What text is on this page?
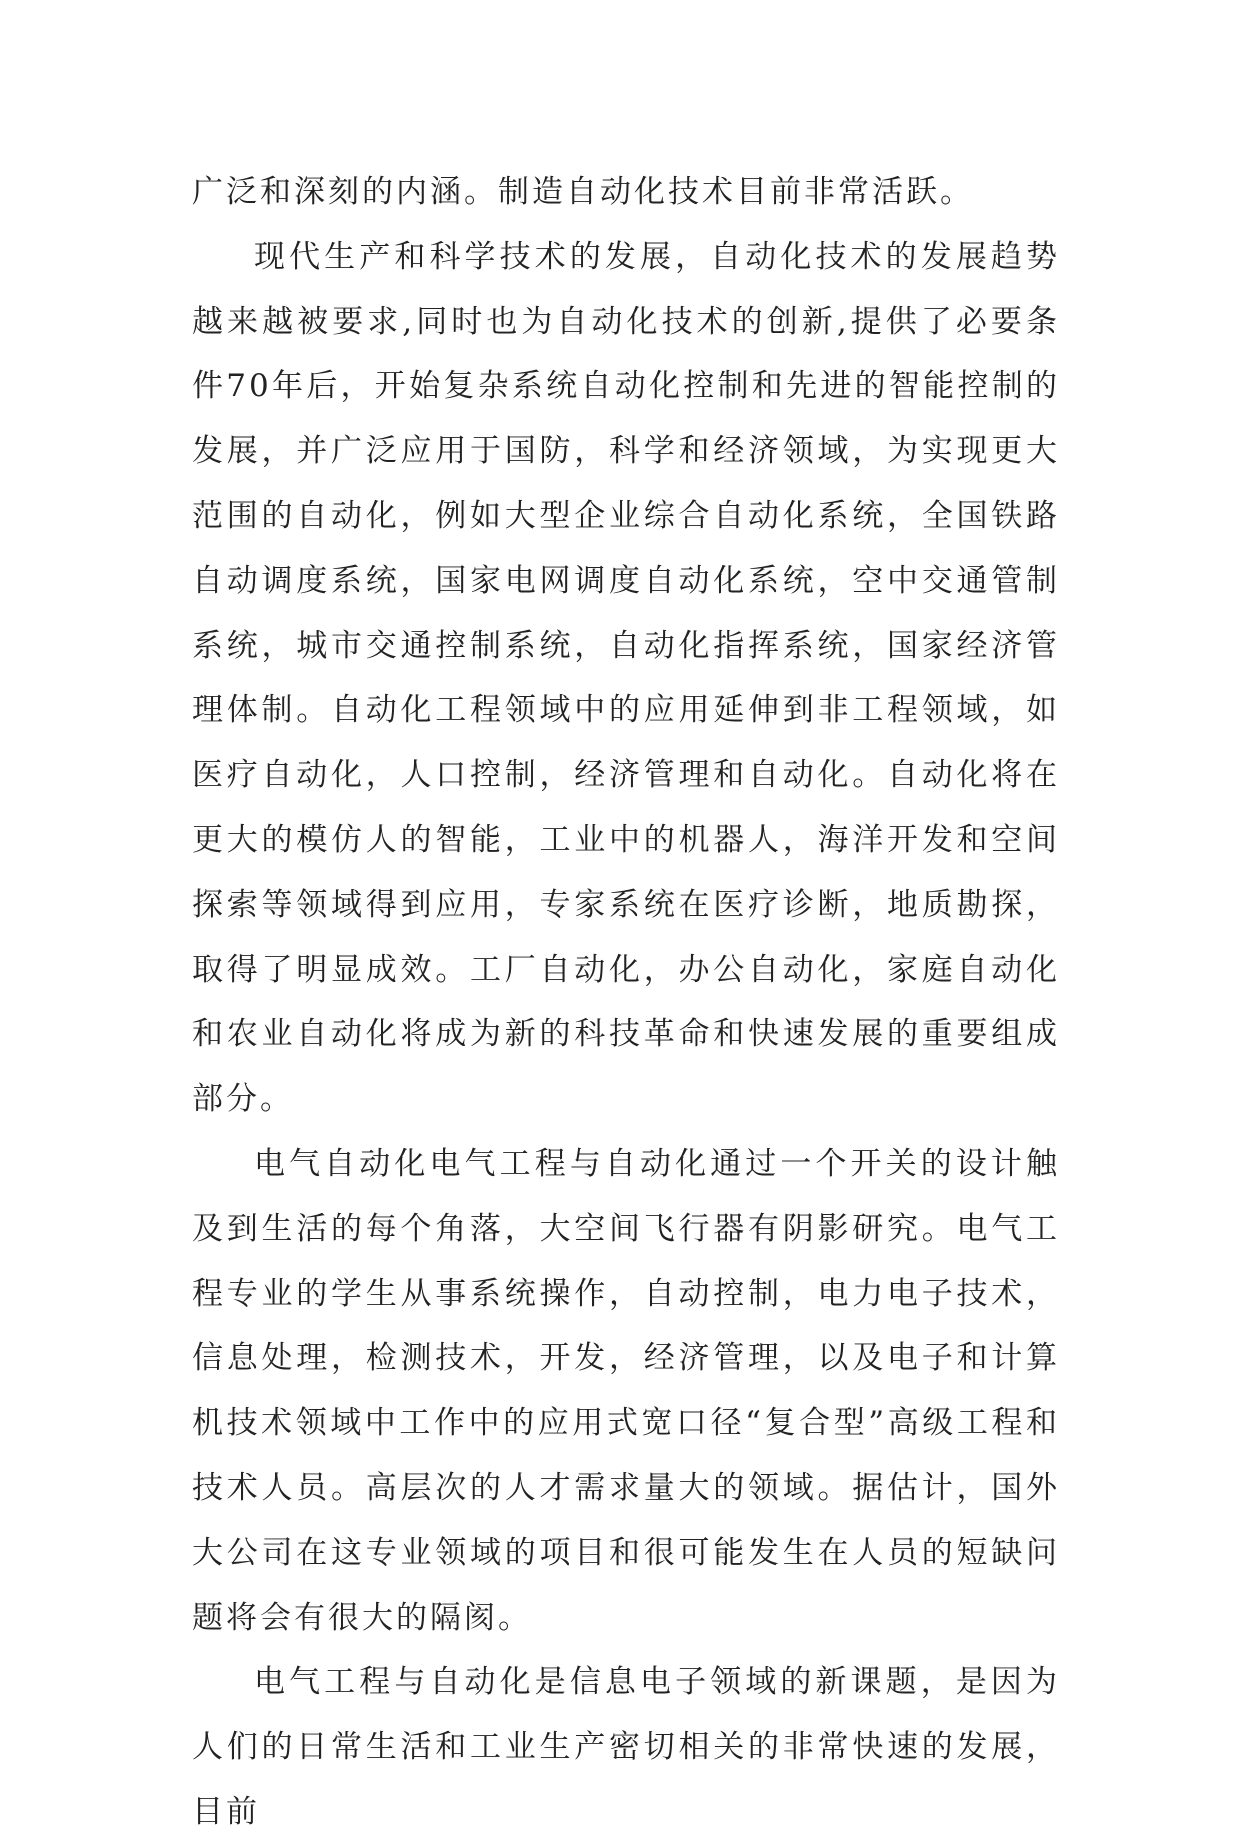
广泛和深刻的内涵。制造自动化技术目前非常活跃。

现代生产和科学技术的发展，自动化技术的发展趋势越来越被要求,同时也为自动化技术的创新,提供了必要条件70年后，开始复杂系统自动化控制和先进的智能控制的发展，并广泛应用于国防，科学和经济领域，为实现更大范围的自动化，例如大型企业综合自动化系统，全国铁路自动调度系统，国家电网调度自动化系统，空中交通管制系统，城市交通控制系统，自动化指挥系统，国家经济管理体制。自动化工程领域中的应用延伸到非工程领域，如医疗自动化，人口控制，经济管理和自动化。自动化将在更大的模仿人的智能，工业中的机器人，海洋开发和空间探索等领域得到应用，专家系统在医疗诊断，地质勘探，取得了明显成效。工厂自动化，办公自动化，家庭自动化和农业自动化将成为新的科技革命和快速发展的重要组成部分。

电气自动化电气工程与自动化通过一个开关的设计触及到生活的每个角落，大空间飞行器有阴影研究。电气工程专业的学生从事系统操作，自动控制，电力电子技术，信息处理，检测技术，开发，经济管理，以及电子和计算机技术领域中工作中的应用式宽口径“复合型”高级工程和技术人员。高层次的人才需求量大的领域。据估计，国外大公司在这专业领域的项目和很可能发生在人员的短缺问题将会有很大的隔阂。

电气工程与自动化是信息电子领域的新课题，是因为人们的日常生活和工业生产密切相关的非常快速的发展，目前
